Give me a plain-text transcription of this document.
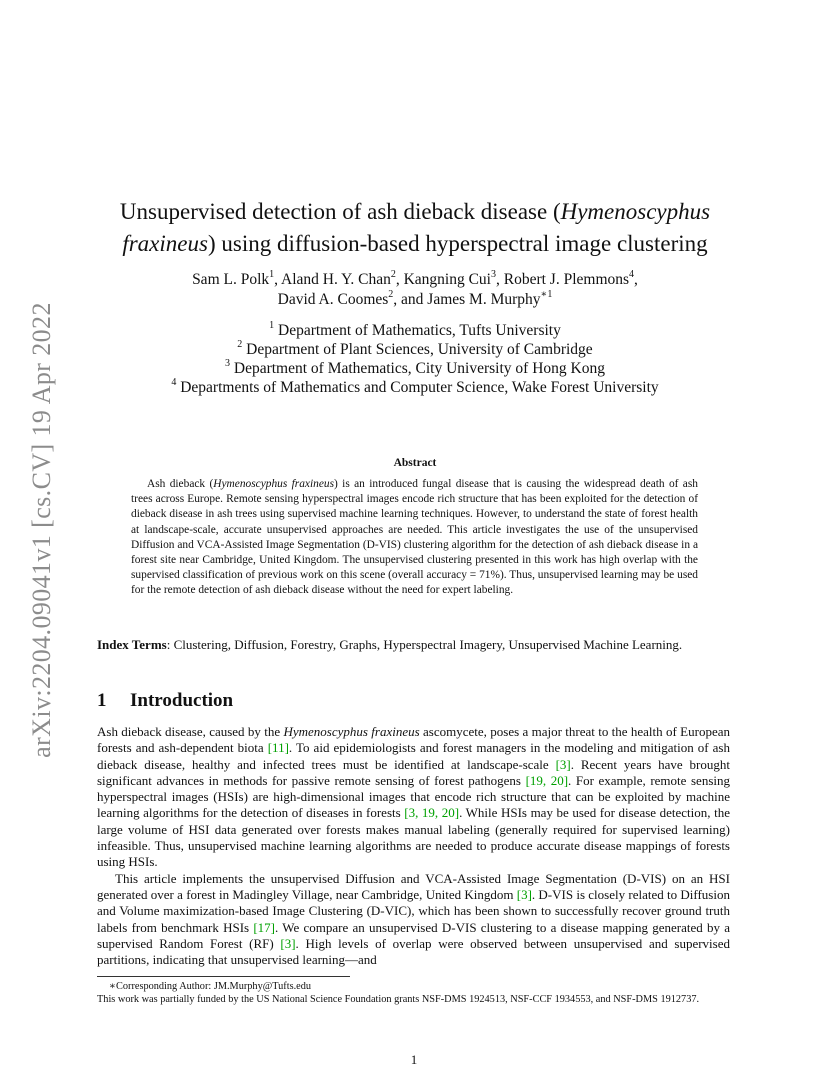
arXiv:2204.09041v1 [cs.CV] 19 Apr 2022
Unsupervised detection of ash dieback disease (Hymenoscyphus fraxineus) using diffusion-based hyperspectral image clustering
Sam L. Polk$^1$, Aland H. Y. Chan$^2$, Kangning Cui$^3$, Robert J. Plemmons$^4$,
David A. Coomes$^2$, and James M. Murphy$^{∗1}$
$^1$ Department of Mathematics, Tufts University
$^2$ Department of Plant Sciences, University of Cambridge
$^3$ Department of Mathematics, City University of Hong Kong
$^4$ Departments of Mathematics and Computer Science, Wake Forest University
Abstract
Ash dieback (Hymenoscyphus fraxineus) is an introduced fungal disease that is causing the widespread death of ash trees across Europe. Remote sensing hyperspectral images encode rich structure that has been exploited for the detection of dieback disease in ash trees using supervised machine learning techniques. However, to understand the state of forest health at landscape-scale, accurate unsupervised approaches are needed. This article investigates the use of the unsupervised Diffusion and VCA-Assisted Image Segmentation (D-VIS) clustering algorithm for the detection of ash dieback disease in a forest site near Cambridge, United Kingdom. The unsupervised clustering presented in this work has high overlap with the supervised classification of previous work on this scene (overall accuracy = 71%). Thus, unsupervised learning may be used for the remote detection of ash dieback disease without the need for expert labeling.
Index Terms: Clustering, Diffusion, Forestry, Graphs, Hyperspectral Imagery, Unsupervised Machine Learning.
1 Introduction

Ash dieback disease, caused by the Hymenoscyphus fraxineus ascomycete, poses a major threat to the health of European forests and ash-dependent biota [11]. To aid epidemiologists and forest managers in the modeling and mitigation of ash dieback disease, healthy and infected trees must be identified at landscape-scale [3]. Recent years have brought significant advances in methods for passive remote sensing of forest pathogens [19, 20]. For example, remote sensing hyperspectral images (HSIs) are high-dimensional images that encode rich structure that can be exploited by machine learning algorithms for the detection of diseases in forests [3, 19, 20]. While HSIs may be used for disease detection, the large volume of HSI data generated over forests makes manual labeling (generally required for supervised learning) infeasible. Thus, unsupervised machine learning algorithms are needed to produce accurate disease mappings of forests using HSIs.

This article implements the unsupervised Diffusion and VCA-Assisted Image Segmentation (D-VIS) on an HSI generated over a forest in Madingley Village, near Cambridge, United Kingdom [3]. D-VIS is closely related to Diffusion and Volume maximization-based Image Clustering (D-VIC), which has been shown to successfully recover ground truth labels from benchmark HSIs [17]. We compare an unsupervised D-VIS clustering to a disease mapping generated by a supervised Random Forest (RF) [3]. High levels of overlap were observed between unsupervised and supervised partitions, indicating that unsupervised learning—and

∗Corresponding Author: JM.Murphy@Tufts.edu
This work was partially funded by the US National Science Foundation grants NSF-DMS 1924513, NSF-CCF 1934553, and NSF-DMS 1912737.
1
